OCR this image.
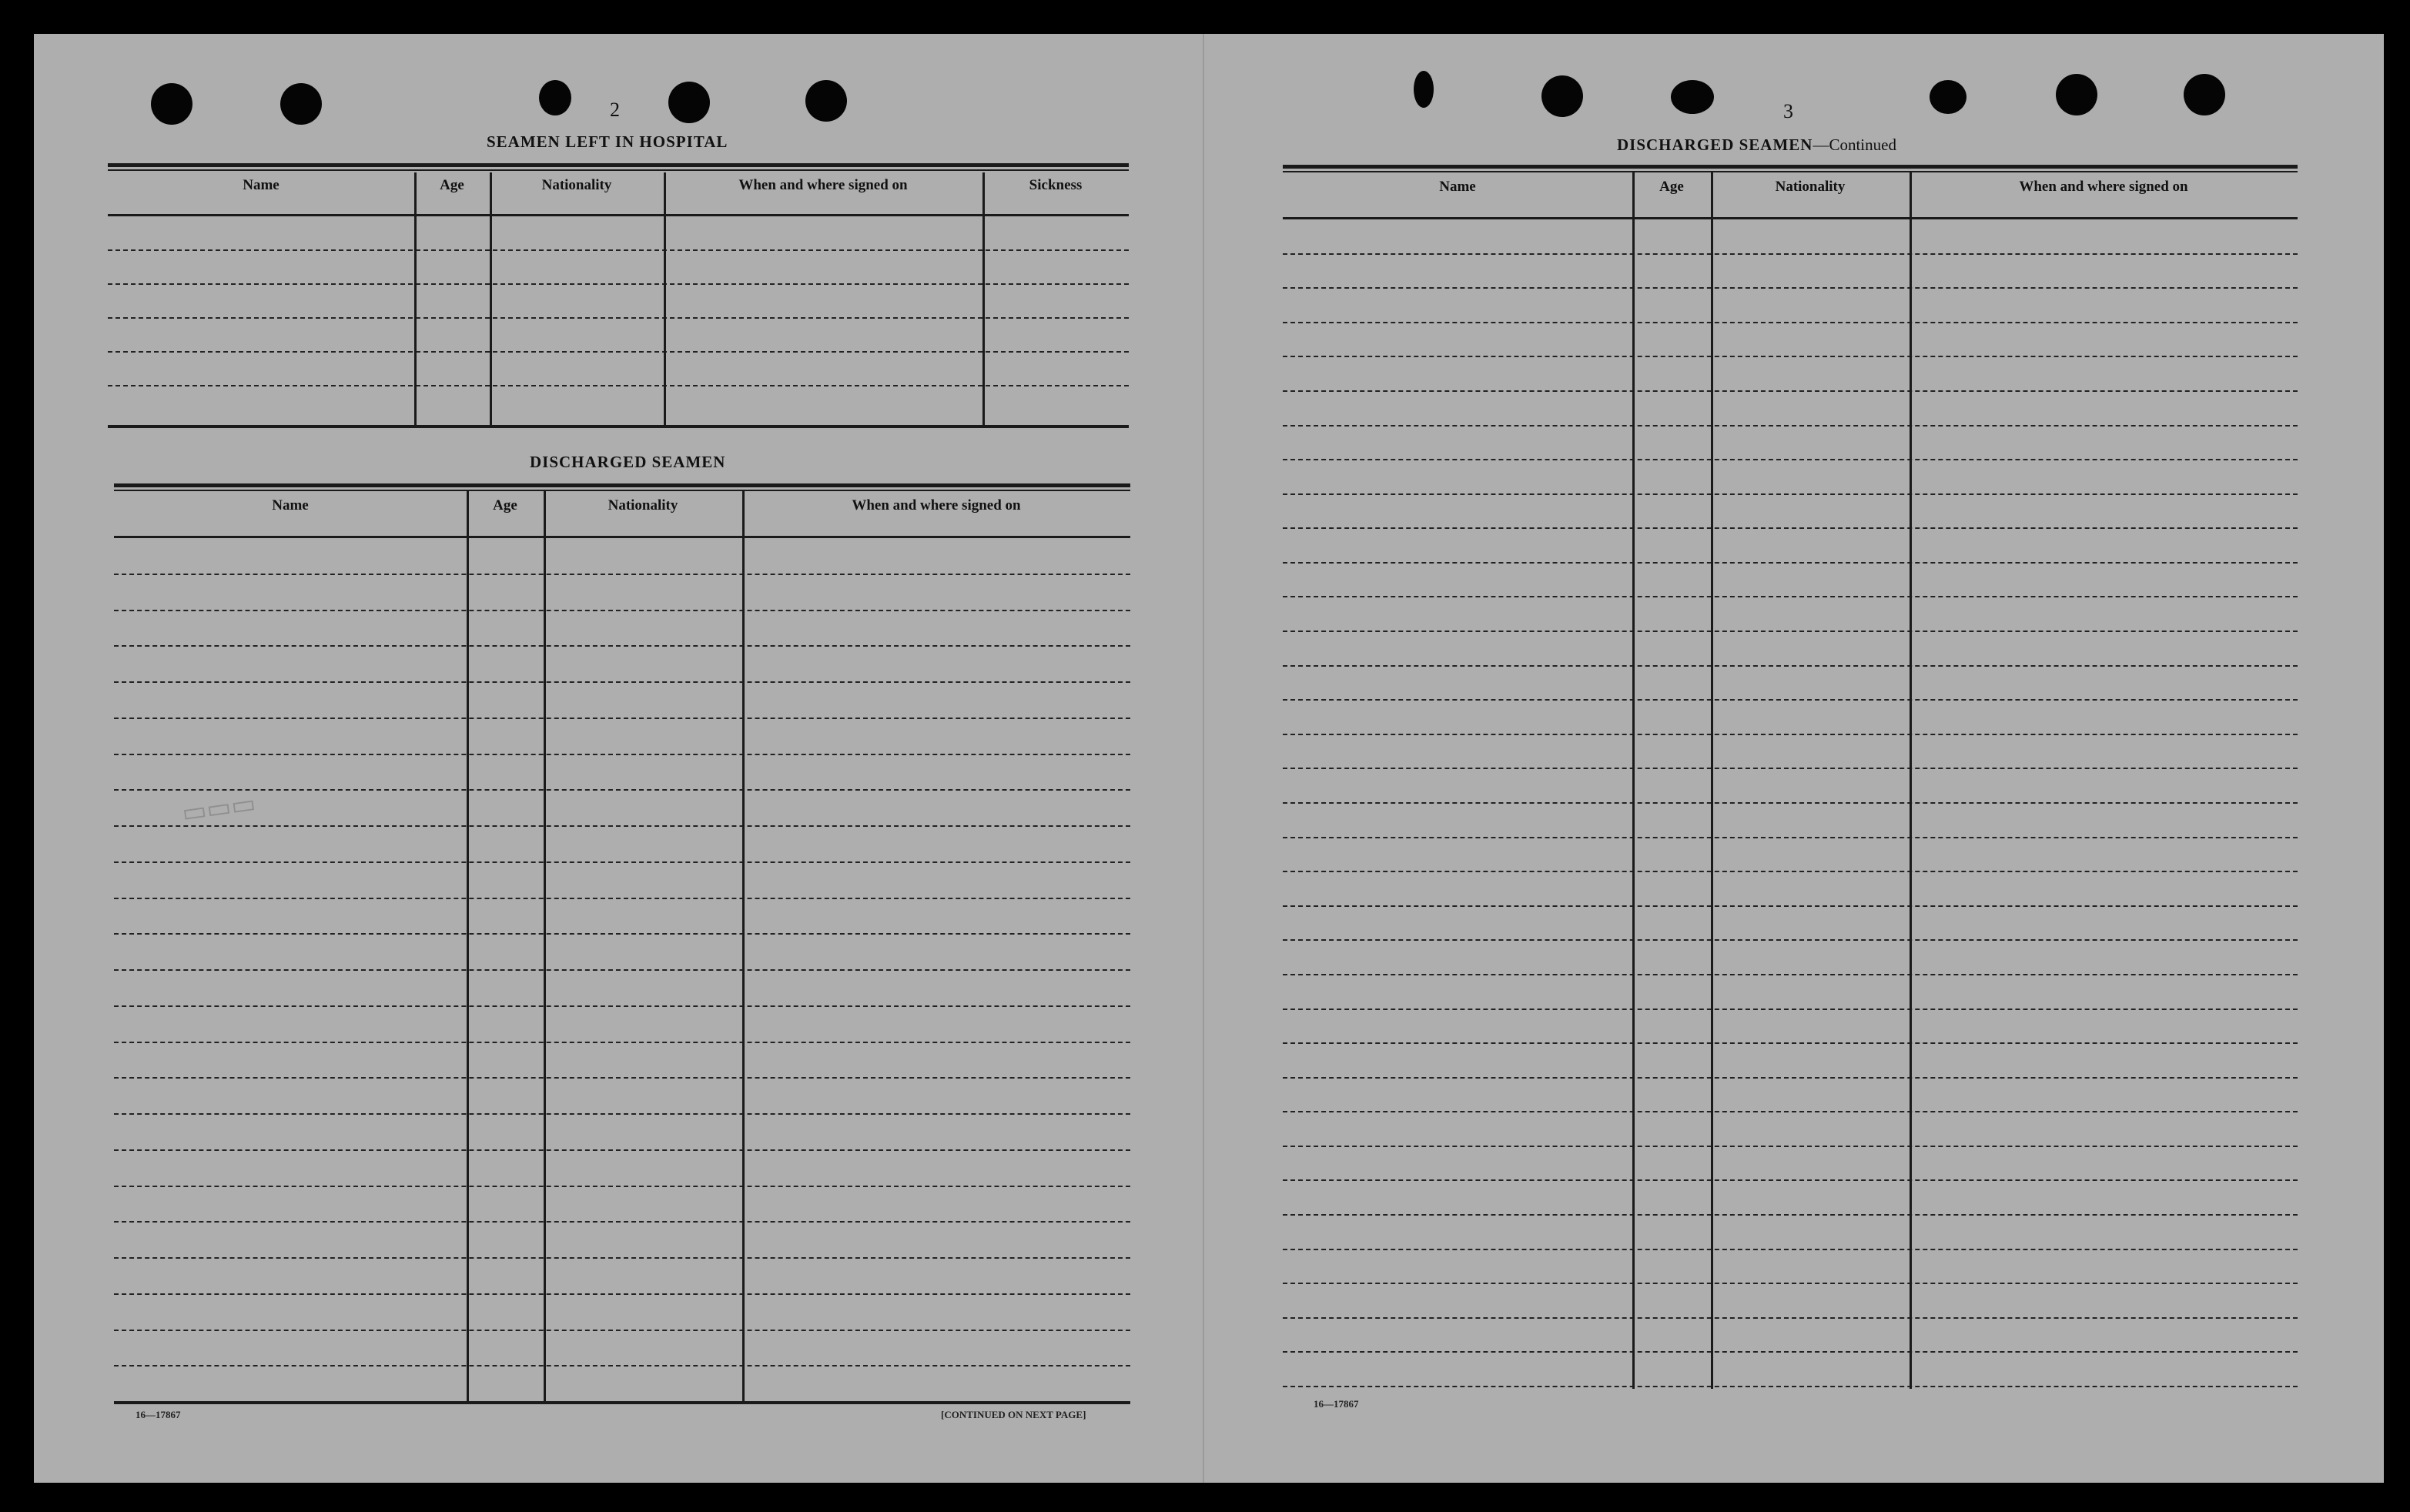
▭▭▭
2
SEAMEN LEFT IN HOSPITAL
Name	Age	Nationality	When and where signed on	Sickness
DISCHARGED SEAMEN
Name	Age	Nationality	When and where signed on
16—17867	[CONTINUED ON NEXT PAGE]
3
DISCHARGED SEAMEN—Continued
Name	Age	Nationality	When and where signed on
16—17867
